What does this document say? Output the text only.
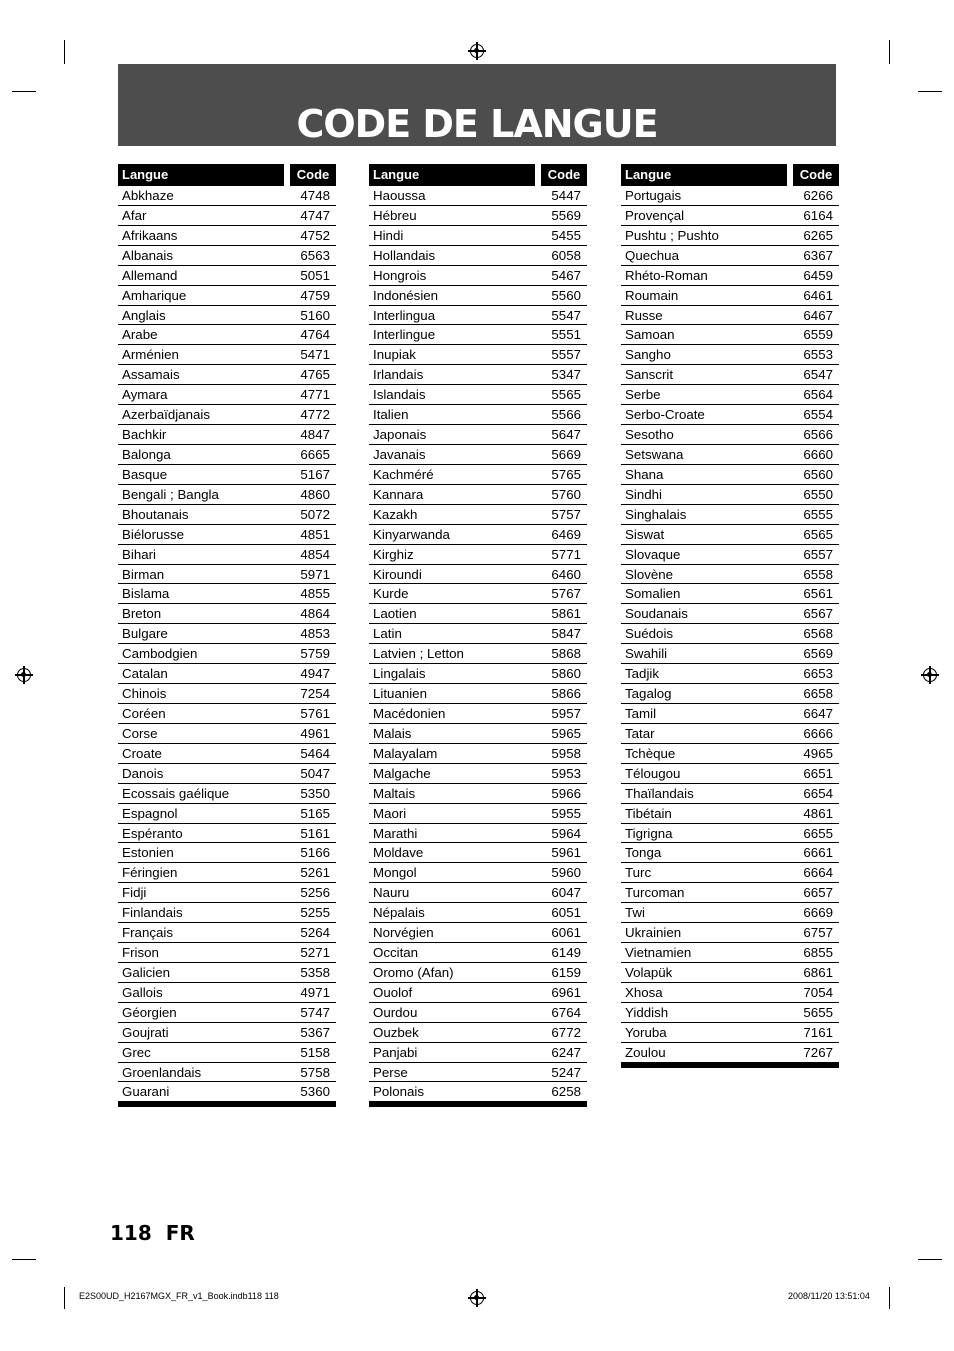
CODE DE LANGUE
Langue	Code
Abkhaze	4748
Afar	4747
Afrikaans	4752
Albanais	6563
Allemand	5051
Amharique	4759
Anglais	5160
Arabe	4764
Arménien	5471
Assamais	4765
Aymara	4771
Azerbaïdjanais	4772
Bachkir	4847
Balonga	6665
Basque	5167
Bengali ; Bangla	4860
Bhoutanais	5072
Biélorusse	4851
Bihari	4854
Birman	5971
Bislama	4855
Breton	4864
Bulgare	4853
Cambodgien	5759
Catalan	4947
Chinois	7254
Coréen	5761
Corse	4961
Croate	5464
Danois	5047
Ecossais gaélique	5350
Espagnol	5165
Espéranto	5161
Estonien	5166
Féringien	5261
Fidji	5256
Finlandais	5255
Français	5264
Frison	5271
Galicien	5358
Gallois	4971
Géorgien	5747
Goujrati	5367
Grec	5158
Groenlandais	5758
Guarani	5360
Langue	Code
Haoussa	5447
Hébreu	5569
Hindi	5455
Hollandais	6058
Hongrois	5467
Indonésien	5560
Interlingua	5547
Interlingue	5551
Inupiak	5557
Irlandais	5347
Islandais	5565
Italien	5566
Japonais	5647
Javanais	5669
Kachméré	5765
Kannara	5760
Kazakh	5757
Kinyarwanda	6469
Kirghiz	5771
Kiroundi	6460
Kurde	5767
Laotien	5861
Latin	5847
Latvien ; Letton	5868
Lingalais	5860
Lituanien	5866
Macédonien	5957
Malais	5965
Malayalam	5958
Malgache	5953
Maltais	5966
Maori	5955
Marathi	5964
Moldave	5961
Mongol	5960
Nauru	6047
Népalais	6051
Norvégien	6061
Occitan	6149
Oromo (Afan)	6159
Ouolof	6961
Ourdou	6764
Ouzbek	6772
Panjabi	6247
Perse	5247
Polonais	6258
Langue	Code
Portugais	6266
Provençal	6164
Pushtu ; Pushto	6265
Quechua	6367
Rhéto-Roman	6459
Roumain	6461
Russe	6467
Samoan	6559
Sangho	6553
Sanscrit	6547
Serbe	6564
Serbo-Croate	6554
Sesotho	6566
Setswana	6660
Shana	6560
Sindhi	6550
Singhalais	6555
Siswat	6565
Slovaque	6557
Slovène	6558
Somalien	6561
Soudanais	6567
Suédois	6568
Swahili	6569
Tadjik	6653
Tagalog	6658
Tamil	6647
Tatar	6666
Tchèque	4965
Télougou	6651
Thaïlandais	6654
Tibétain	4861
Tigrigna	6655
Tonga	6661
Turc	6664
Turcoman	6657
Twi	6669
Ukrainien	6757
Vietnamien	6855
Volapük	6861
Xhosa	7054
Yiddish	5655
Yoruba	7161
Zoulou	7267
118 FR
E2S00UD_H2167MGX_FR_v1_Book.indb118 118	2008/11/20 13:51:04
